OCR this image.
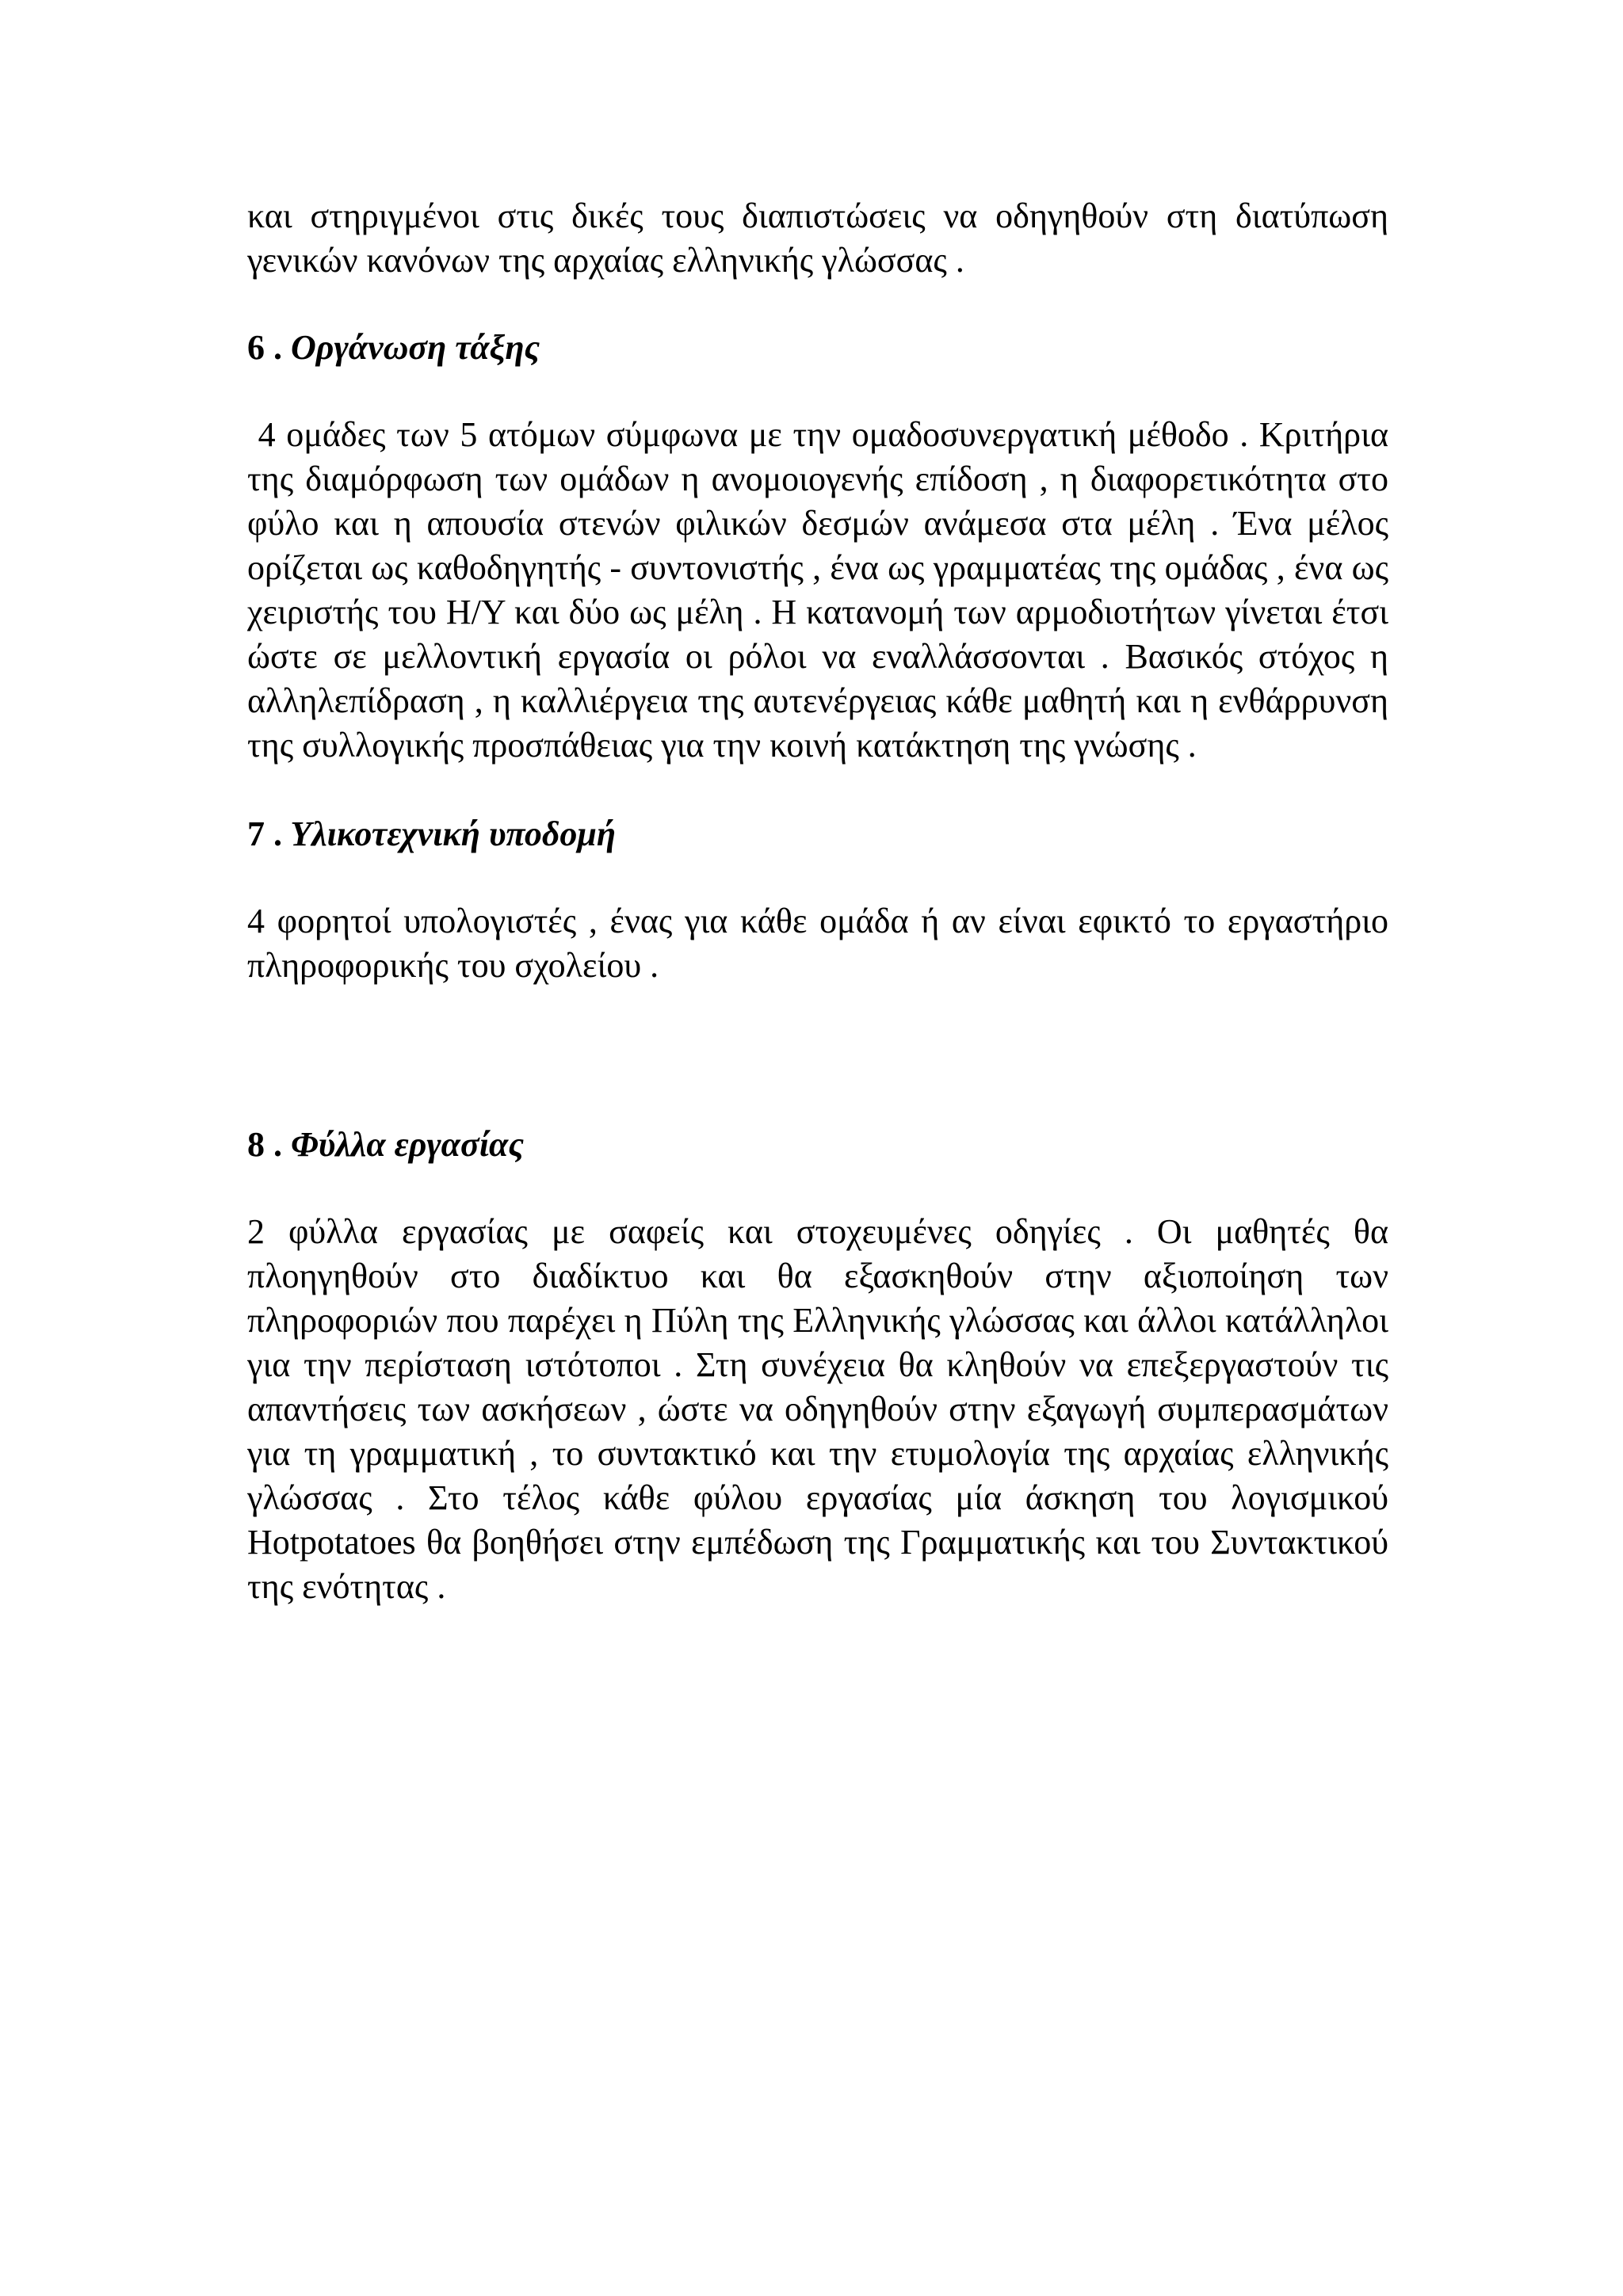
και στηριγμένοι στις δικές τους διαπιστώσεις να οδηγηθούν στη διατύπωση γενικών κανόνων της αρχαίας ελληνικής γλώσσας .

6 . Οργάνωση τάξης

4 ομάδες των 5 ατόμων σύμφωνα με την ομαδοσυνεργατική μέθοδο . Κριτήρια της διαμόρφωση των ομάδων η ανομοιογενής επίδοση , η διαφορετικότητα στο φύλο και η απουσία στενών φιλικών δεσμών ανάμεσα στα μέλη . Ένα μέλος ορίζεται ως καθοδηγητής - συντονιστής , ένα ως γραμματέας της ομάδας , ένα ως χειριστής του Η/Υ και δύο ως μέλη . Η κατανομή των αρμοδιοτήτων γίνεται έτσι ώστε σε μελλοντική εργασία οι ρόλοι να εναλλάσσονται . Βασικός στόχος η αλληλεπίδραση , η καλλιέργεια της αυτενέργειας κάθε μαθητή και η ενθάρρυνση της συλλογικής προσπάθειας για την κοινή κατάκτηση της γνώσης .

7 . Υλικοτεχνική υποδομή

4 φορητοί υπολογιστές , ένας για κάθε ομάδα ή αν είναι εφικτό το εργαστήριο πληροφορικής του σχολείου .

8 . Φύλλα εργασίας

2 φύλλα εργασίας με σαφείς και στοχευμένες οδηγίες . Οι μαθητές θα πλοηγηθούν στο διαδίκτυο και θα εξασκηθούν στην αξιοποίηση των πληροφοριών που παρέχει η Πύλη της Ελληνικής γλώσσας και άλλοι κατάλληλοι για την περίσταση ιστότοποι . Στη συνέχεια θα κληθούν να επεξεργαστούν τις απαντήσεις των ασκήσεων , ώστε να οδηγηθούν στην εξαγωγή συμπερασμάτων για τη γραμματική , το συντακτικό και την ετυμολογία της αρχαίας ελληνικής γλώσσας . Στο τέλος κάθε φύλου εργασίας μία άσκηση του λογισμικού Hotpotatoes θα βοηθήσει στην εμπέδωση της Γραμματικής και του Συντακτικού της ενότητας .
